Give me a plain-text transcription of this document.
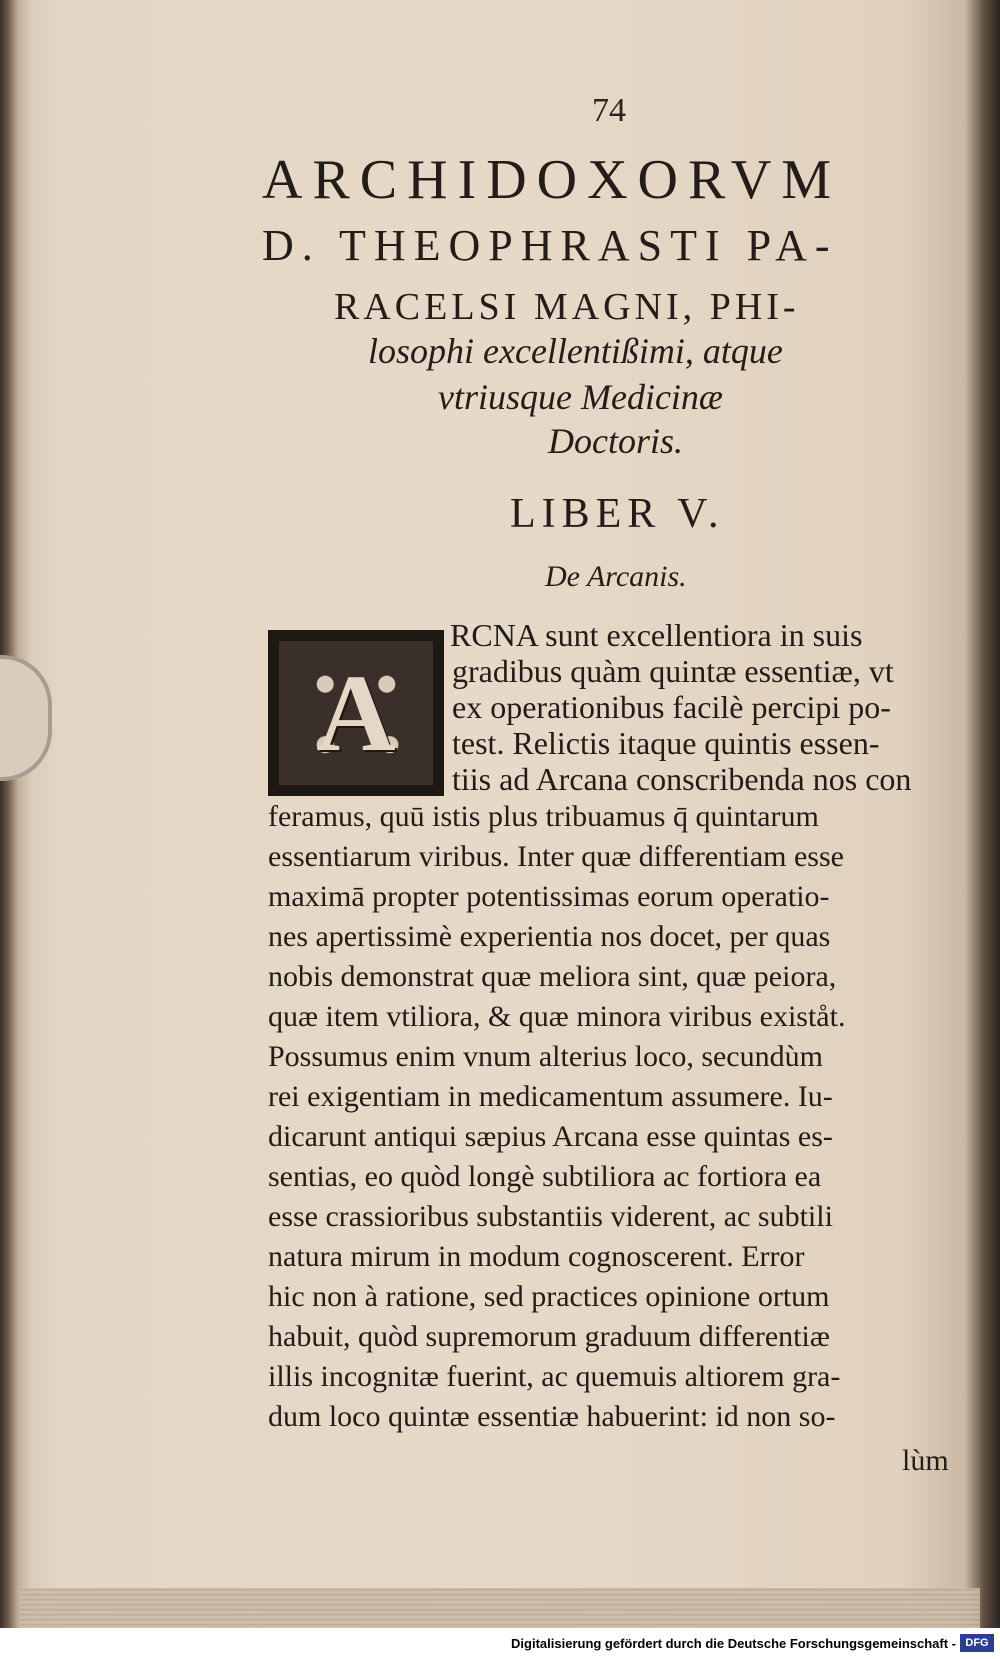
74
ARCHIDOXORVM
D. THEOPHRASTI PA-
RACELSI MAGNI, PHI-
losophi excellentißimi, atque
vtriusque Medicinæ
Doctoris.
LIBER V.
De Arcanis.
A
RCNA sunt excellentiora in suis
gradibus quàm quintæ essentiæ, vt
ex operationibus facilè percipi po-
test. Relictis itaque quintis essen-
tiis ad Arcana conscribenda nos con
feramus, quū istis plus tribuamus q̄ quintarum
essentiarum viribus. Inter quæ differentiam esse
maximā propter potentissimas eorum operatio-
nes apertissimè experientia nos docet, per quas
nobis demonstrat quæ meliora sint, quæ peiora,
quæ item vtiliora, & quæ minora viribus existåt.
Possumus enim vnum alterius loco, secundùm
rei exigentiam in medicamentum assumere. Iu-
dicarunt antiqui sæpius Arcana esse quintas es-
sentias, eo quòd longè subtiliora ac fortiora ea
esse crassioribus substantiis viderent, ac subtili
natura mirum in modum cognoscerent. Error
hic non à ratione, sed practices opinione ortum
habuit, quòd supremorum graduum differentiæ
illis incognitæ fuerint, ac quemuis altiorem gra-
dum loco quintæ essentiæ habuerint: id non so-
lùm
Digitalisierung gefördert durch die Deutsche Forschungsgemeinschaft - DFG
